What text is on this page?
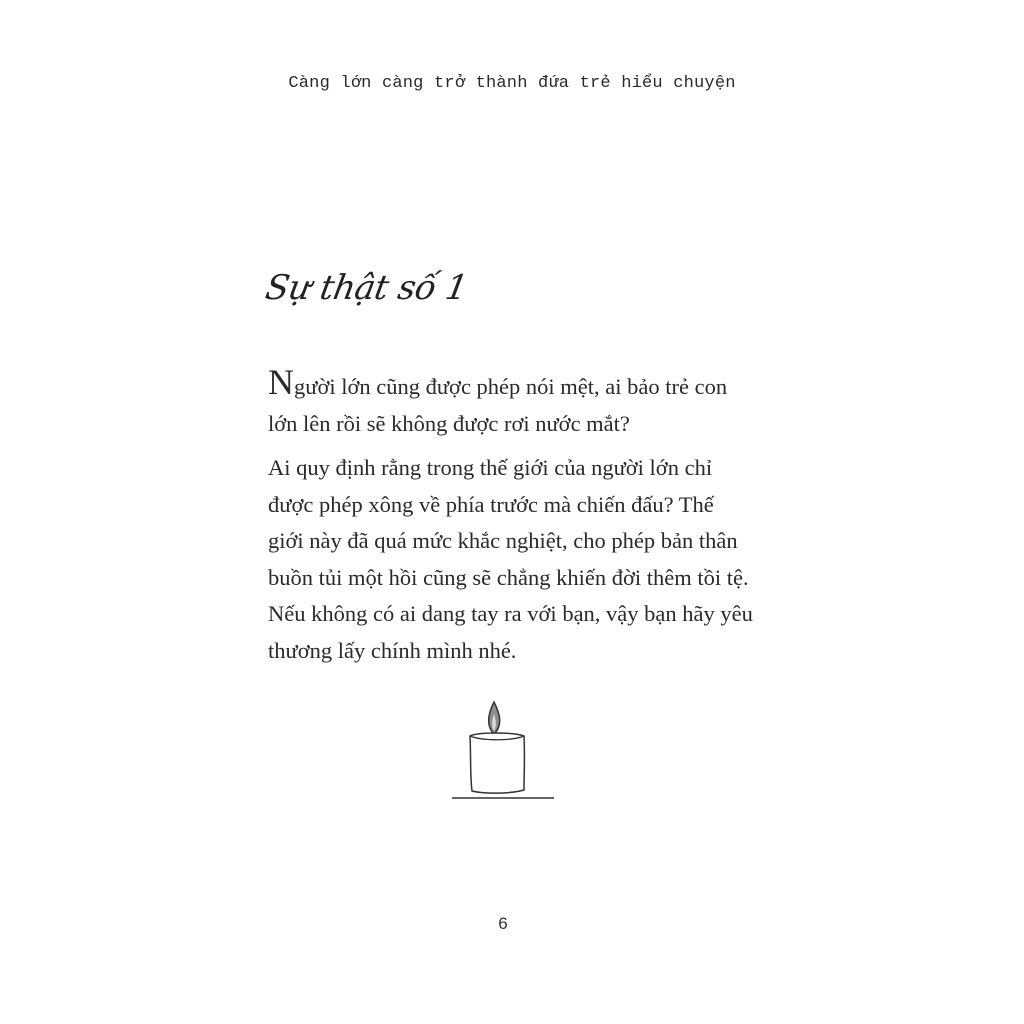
Càng lớn càng trở thành đứa trẻ hiểu chuyện
Sự thật số 1

Người lớn cũng được phép nói mệt, ai bảo trẻ con lớn lên rồi sẽ không được rơi nước mắt?

Ai quy định rằng trong thế giới của người lớn chỉ được phép xông về phía trước mà chiến đấu? Thế giới này đã quá mức khắc nghiệt, cho phép bản thân buồn tủi một hồi cũng sẽ chẳng khiến đời thêm tồi tệ. Nếu không có ai dang tay ra với bạn, vậy bạn hãy yêu thương lấy chính mình nhé.

6
